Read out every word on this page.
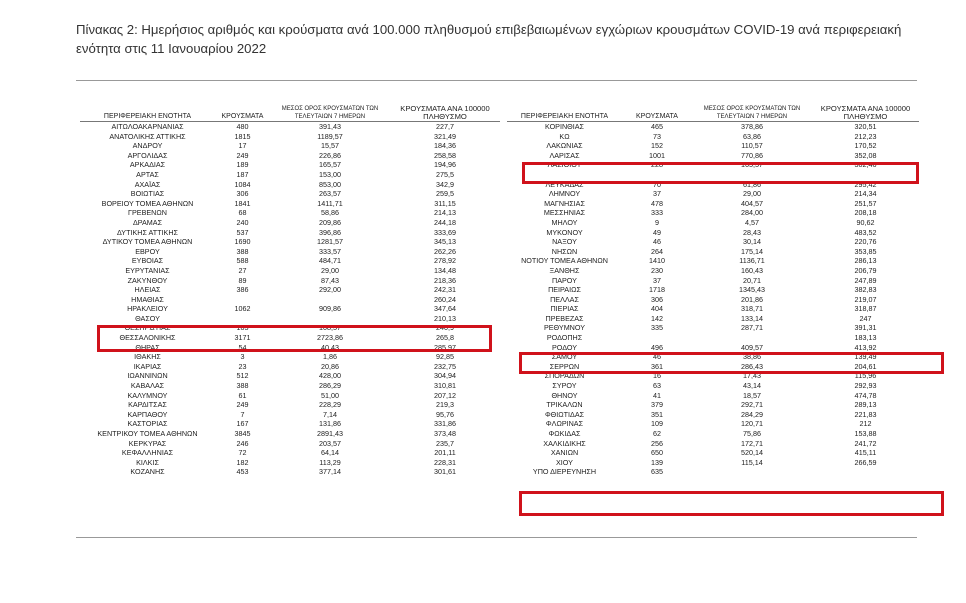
Πίνακας 2: Ημερήσιος αριθμός και κρούσματα ανά 100.000 πληθυσμού επιβεβαιωμένων εγχώριων κρουσμάτων COVID-19 ανά περιφερειακή ενότητα στις 11 Ιανουαρίου 2022
ΠΕΡΙΦΕΡΕΙΑΚΗ ΕΝΟΤΗΤΑ	ΚΡΟΥΣΜΑΤΑ	ΜΕΣΟΣ ΟΡΟΣ ΚΡΟΥΣΜΑΤΩΝ ΤΩΝ ΤΕΛΕΥΤΑΙΩΝ 7 ΗΜΕΡΩΝ	ΚΡΟΥΣΜΑΤΑ ΑΝΑ 100000 ΠΛΗΘΥΣΜΟ
ΑΙΤΩΛΟΑΚΑΡΝΑΝΙΑΣ	480	391,43	227,7
ΑΝΑΤΟΛΙΚΗΣ ΑΤΤΙΚΗΣ	1815	1189,57	321,49
ΑΝΔΡΟΥ	17	15,57	184,36
ΑΡΓΟΛΙΔΑΣ	249	226,86	258,58
ΑΡΚΑΔΙΑΣ	189	165,57	194,96
ΑΡΤΑΣ	187	153,00	275,5
ΑΧΑΪΑΣ	1084	853,00	342,9
ΒΟΙΩΤΙΑΣ	306	263,57	259,5
ΒΟΡΕΙΟΥ ΤΟΜΕΑ ΑΘΗΝΩΝ	1841	1411,71	311,15
ΓΡΕΒΕΝΩΝ	68	58,86	214,13
ΔΡΑΜΑΣ	240	209,86	244,18
ΔΥΤΙΚΗΣ ΑΤΤΙΚΗΣ	537	396,86	333,69
ΔΥΤΙΚΟΥ ΤΟΜΕΑ ΑΘΗΝΩΝ	1690	1281,57	345,13
ΕΒΡΟΥ	388	333,57	262,26
ΕΥΒΟΙΑΣ	588	484,71	278,92
ΕΥΡΥΤΑΝΙΑΣ	27	29,00	134,48
ΖΑΚΥΝΘΟΥ	89	87,43	218,36
ΗΛΕΙΑΣ	386	292,00	242,31
ΗΜΑΘΙΑΣ			260,24
ΗΡΑΚΛΕΙΟΥ	1062	909,86	347,64
ΘΑΣΟΥ			210,13
ΘΕΣΠΡΩΤΙΑΣ	105	108,57	240,9
ΘΕΣΣΑΛΟΝΙΚΗΣ	3171	2723,86	265,8
ΘΗΡΑΣ	54	40,43	285,97
ΙΘΑΚΗΣ	3	1,86	92,85
ΙΚΑΡΙΑΣ	23	20,86	232,75
ΙΩΑΝΝΙΝΩΝ	512	428,00	304,94
ΚΑΒΑΛΑΣ	388	286,29	310,81
ΚΑΛΥΜΝΟΥ	61	51,00	207,12
ΚΑΡΔΙΤΣΑΣ	249	228,29	219,3
ΚΑΡΠΑΘΟΥ	7	7,14	95,76
ΚΑΣΤΟΡΙΑΣ	167	131,86	331,86
ΚΕΝΤΡΙΚΟΥ ΤΟΜΕΑ ΑΘΗΝΩΝ	3845	2891,43	373,48
ΚΕΡΚΥΡΑΣ	246	203,57	235,7
ΚΕΦΑΛΛΗΝΙΑΣ	72	64,14	201,11
ΚΙΛΚΙΣ	182	113,29	228,31
ΚΟΖΑΝΗΣ	453	377,14	301,61
ΠΕΡΙΦΕΡΕΙΑΚΗ ΕΝΟΤΗΤΑ	ΚΡΟΥΣΜΑΤΑ	ΜΕΣΟΣ ΟΡΟΣ ΚΡΟΥΣΜΑΤΩΝ ΤΩΝ ΤΕΛΕΥΤΑΙΩΝ 7 ΗΜΕΡΩΝ	ΚΡΟΥΣΜΑΤΑ ΑΝΑ 100000 ΠΛΗΘΥΣΜΟ
ΚΟΡΙΝΘΙΑΣ	465	378,86	320,51
ΚΩ	73	63,86	212,23
ΛΑΚΩΝΙΑΣ	152	110,57	170,52
ΛΑΡΙΣΑΣ	1001	770,86	352,08
ΛΑΣΙΘΙΟΥ	228	165,57	302,46

ΛΕΥΚΑΔΑΣ	70	61,86	295,42
ΛΗΜΝΟΥ	37	29,00	214,34
ΜΑΓΝΗΣΙΑΣ	478	404,57	251,57
ΜΕΣΣΗΝΙΑΣ	333	284,00	208,18
ΜΗΛΟΥ	9	4,57	90,62
ΜΥΚΟΝΟΥ	49	28,43	483,52
ΝΑΞΟΥ	46	30,14	220,76
ΝΗΣΩΝ	264	175,14	353,85
ΝΟΤΙΟΥ ΤΟΜΕΑ ΑΘΗΝΩΝ	1410	1136,71	286,13
ΞΑΝΘΗΣ	230	160,43	206,79
ΠΑΡΟΥ	37	20,71	247,89
ΠΕΙΡΑΙΩΣ	1718	1345,43	382,83
ΠΕΛΛΑΣ	306	201,86	219,07
ΠΙΕΡΙΑΣ	404	318,71	318,87
ΠΡΕΒΕΖΑΣ	142	133,14	247
ΡΕΘΥΜΝΟΥ	335	287,71	391,31
ΡΟΔΟΠΗΣ			183,13
ΡΟΔΟΥ	496	409,57	413,92
ΣΑΜΟΥ	46	38,86	139,49
ΣΕΡΡΩΝ	361	286,43	204,61
ΣΠΟΡΑΔΩΝ	16	17,43	115,96
ΣΥΡΟΥ	63	43,14	292,93
ΘΗΝΟΥ	41	18,57	474,78
ΤΡΙΚΑΛΩΝ	379	292,71	289,13
ΦΘΙΩΤΙΔΑΣ	351	284,29	221,83
ΦΛΩΡΙΝΑΣ	109	120,71	212
ΦΩΚΙΔΑΣ	62	75,86	153,88
ΧΑΛΚΙΔΙΚΗΣ	256	172,71	241,72
ΧΑΝΙΩΝ	650	520,14	415,11
ΧΙΟΥ	139	115,14	266,59
ΥΠΟ ΔΙΕΡΕΥΝΗΣΗ	635		
